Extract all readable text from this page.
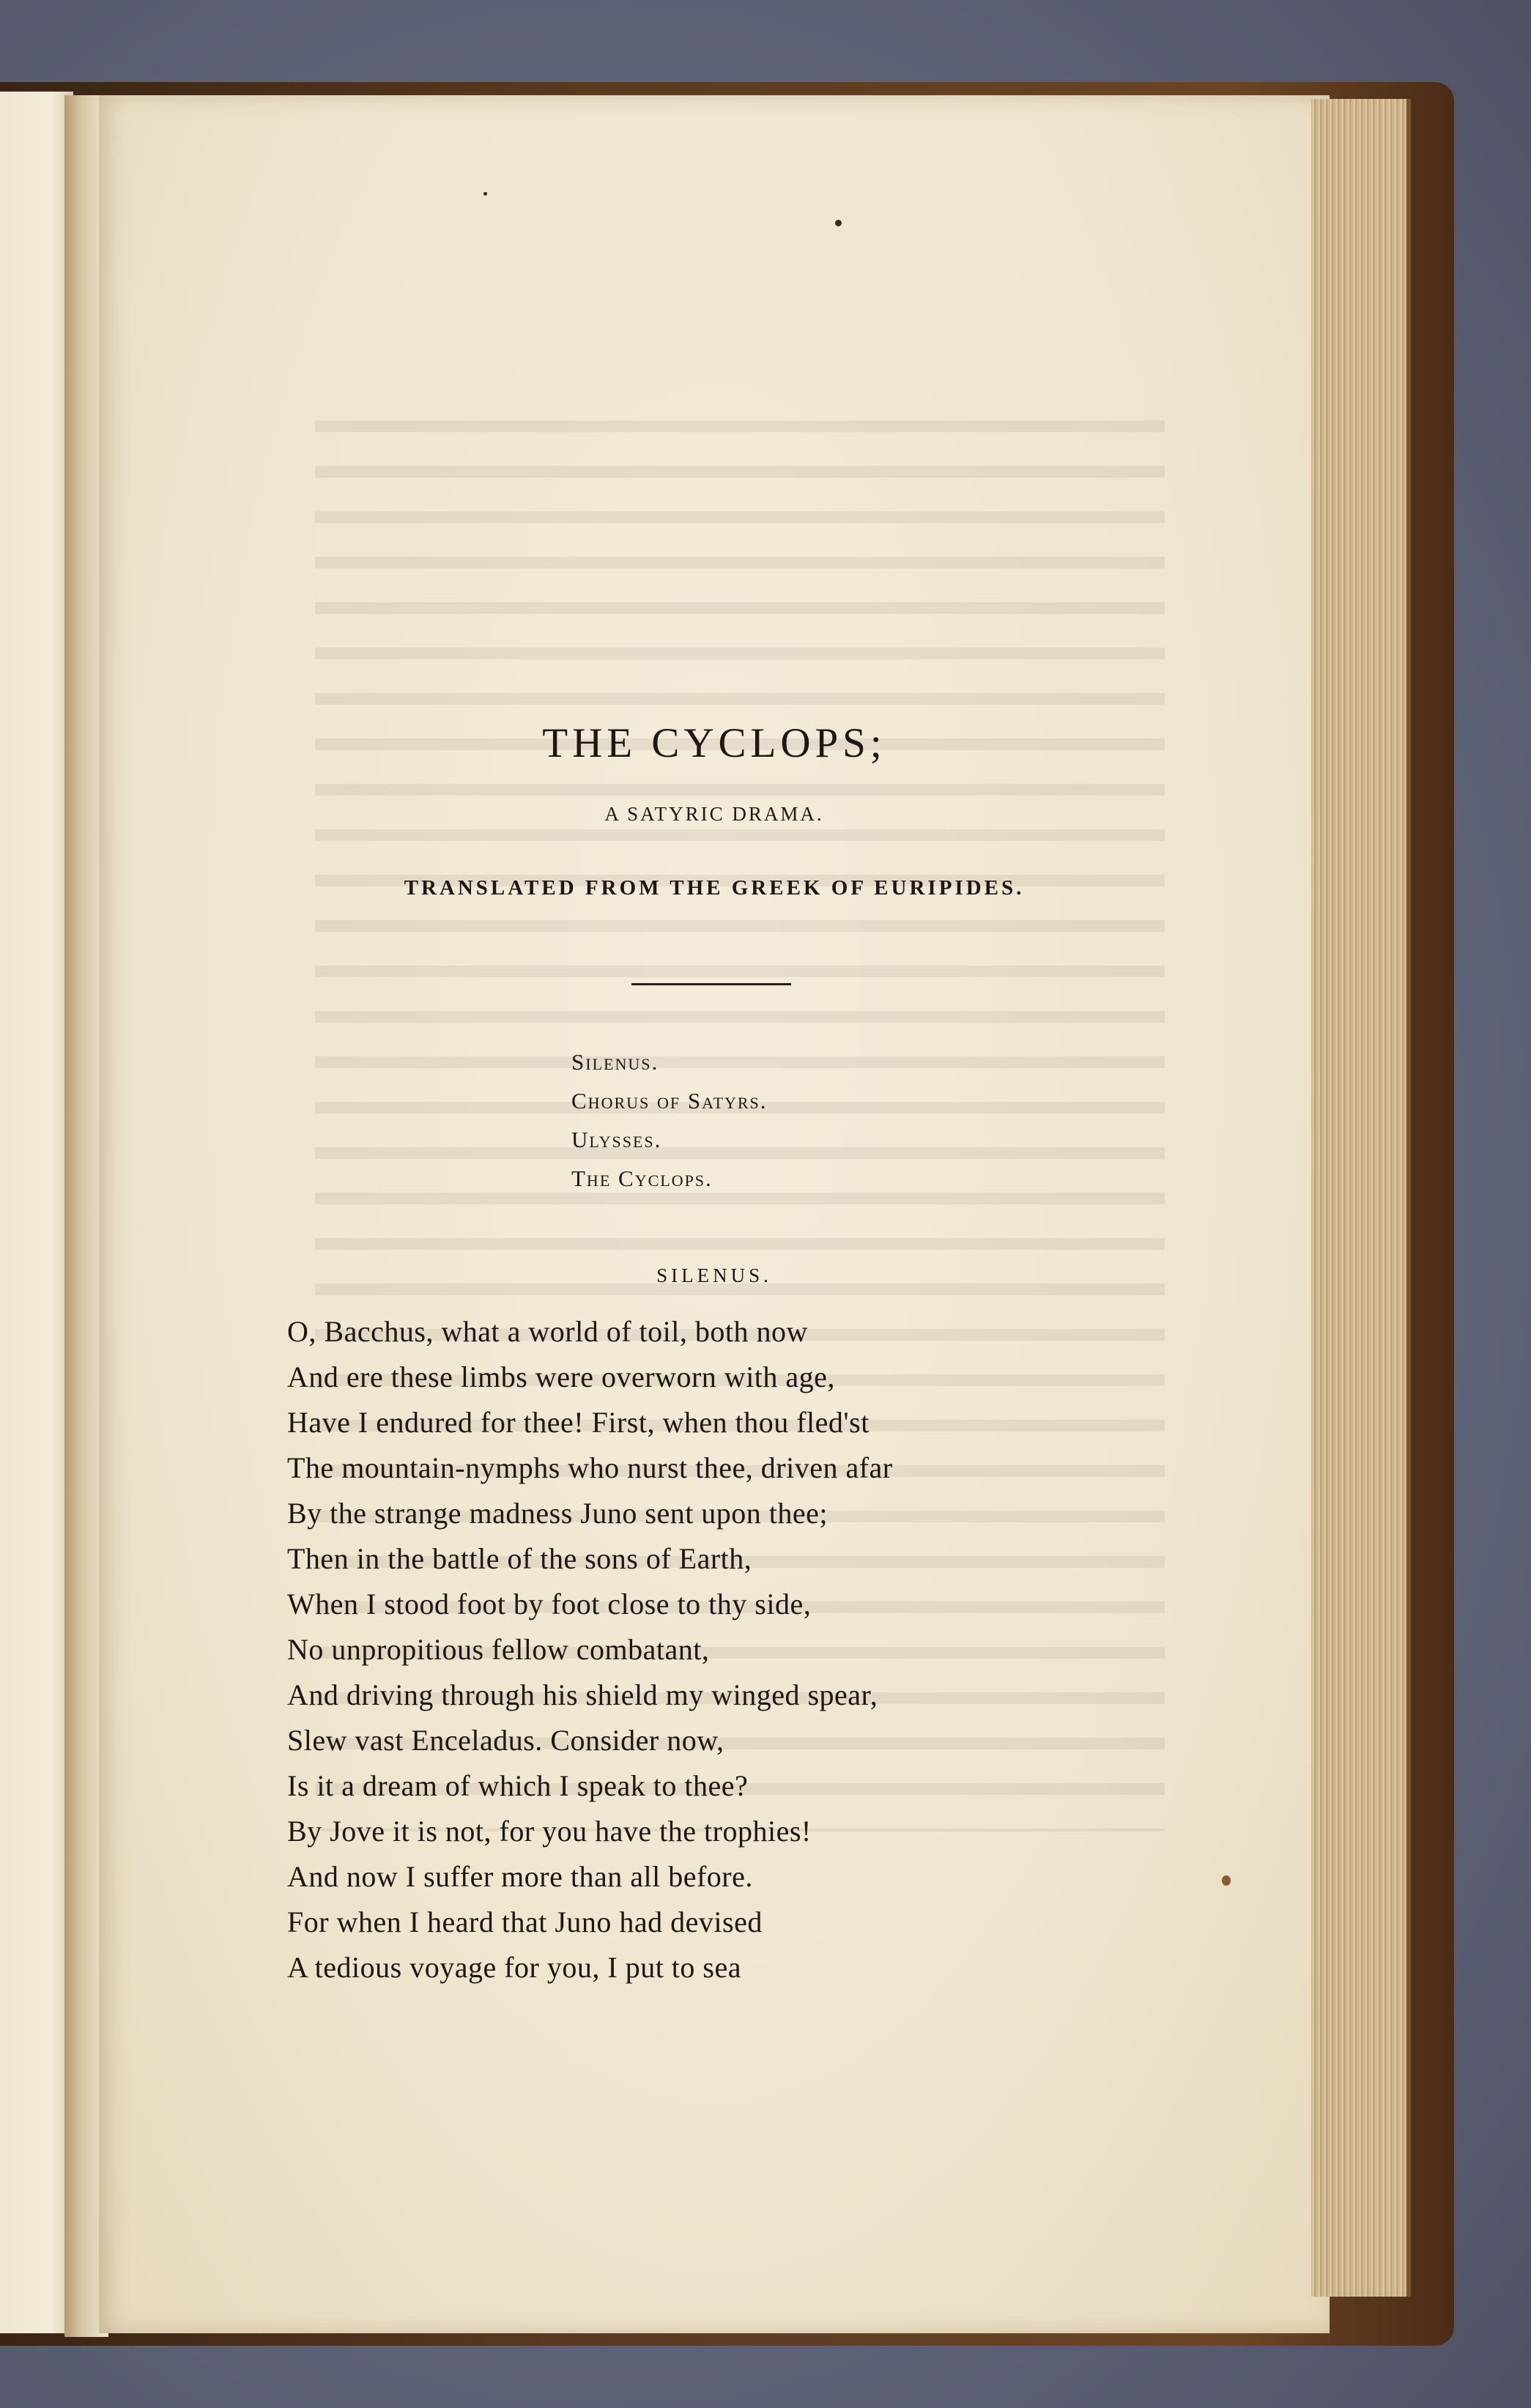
THE CYCLOPS;
A SATYRIC DRAMA.
TRANSLATED FROM THE GREEK OF EURIPIDES.
Silenus.
Chorus of Satyrs.
Ulysses.
The Cyclops.
SILENUS.
O, Bacchus, what a world of toil, both now
And ere these limbs were overworn with age,
Have I endured for thee! First, when thou fled'st
The mountain-nymphs who nurst thee, driven afar
By the strange madness Juno sent upon thee;
Then in the battle of the sons of Earth,
When I stood foot by foot close to thy side,
No unpropitious fellow combatant,
And driving through his shield my winged spear,
Slew vast Enceladus. Consider now,
Is it a dream of which I speak to thee?
By Jove it is not, for you have the trophies!
And now I suffer more than all before.
For when I heard that Juno had devised
A tedious voyage for you, I put to sea
